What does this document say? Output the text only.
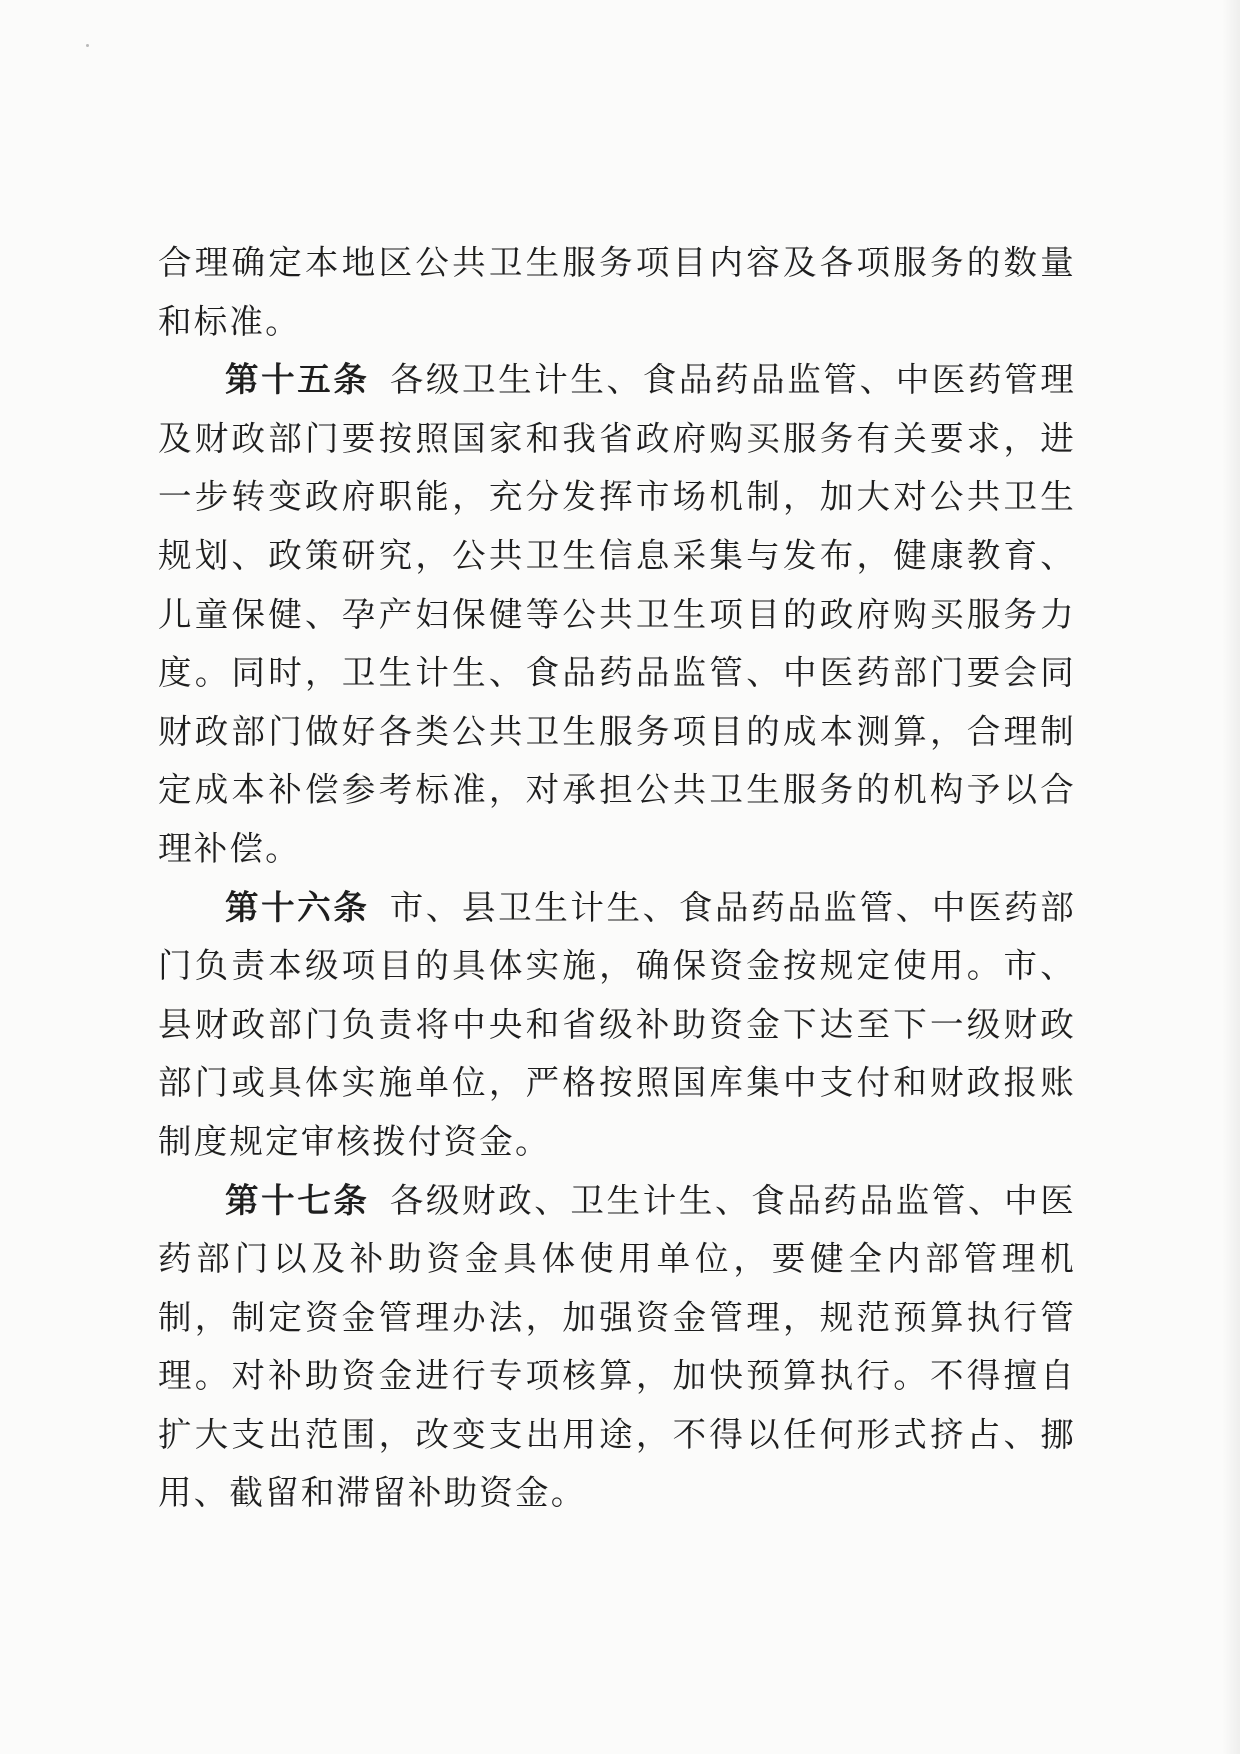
合理确定本地区公共卫生服务项目内容及各项服务的数量和标准。

第十五条 各级卫生计生、食品药品监管、中医药管理及财政部门要按照国家和我省政府购买服务有关要求，进一步转变政府职能，充分发挥市场机制，加大对公共卫生规划、政策研究，公共卫生信息采集与发布，健康教育、儿童保健、孕产妇保健等公共卫生项目的政府购买服务力度。同时，卫生计生、食品药品监管、中医药部门要会同财政部门做好各类公共卫生服务项目的成本测算，合理制定成本补偿参考标准，对承担公共卫生服务的机构予以合理补偿。

第十六条 市、县卫生计生、食品药品监管、中医药部门负责本级项目的具体实施，确保资金按规定使用。市、县财政部门负责将中央和省级补助资金下达至下一级财政部门或具体实施单位，严格按照国库集中支付和财政报账制度规定审核拨付资金。

第十七条 各级财政、卫生计生、食品药品监管、中医药部门以及补助资金具体使用单位，要健全内部管理机制，制定资金管理办法，加强资金管理，规范预算执行管理。对补助资金进行专项核算，加快预算执行。不得擅自扩大支出范围，改变支出用途，不得以任何形式挤占、挪用、截留和滞留补助资金。
